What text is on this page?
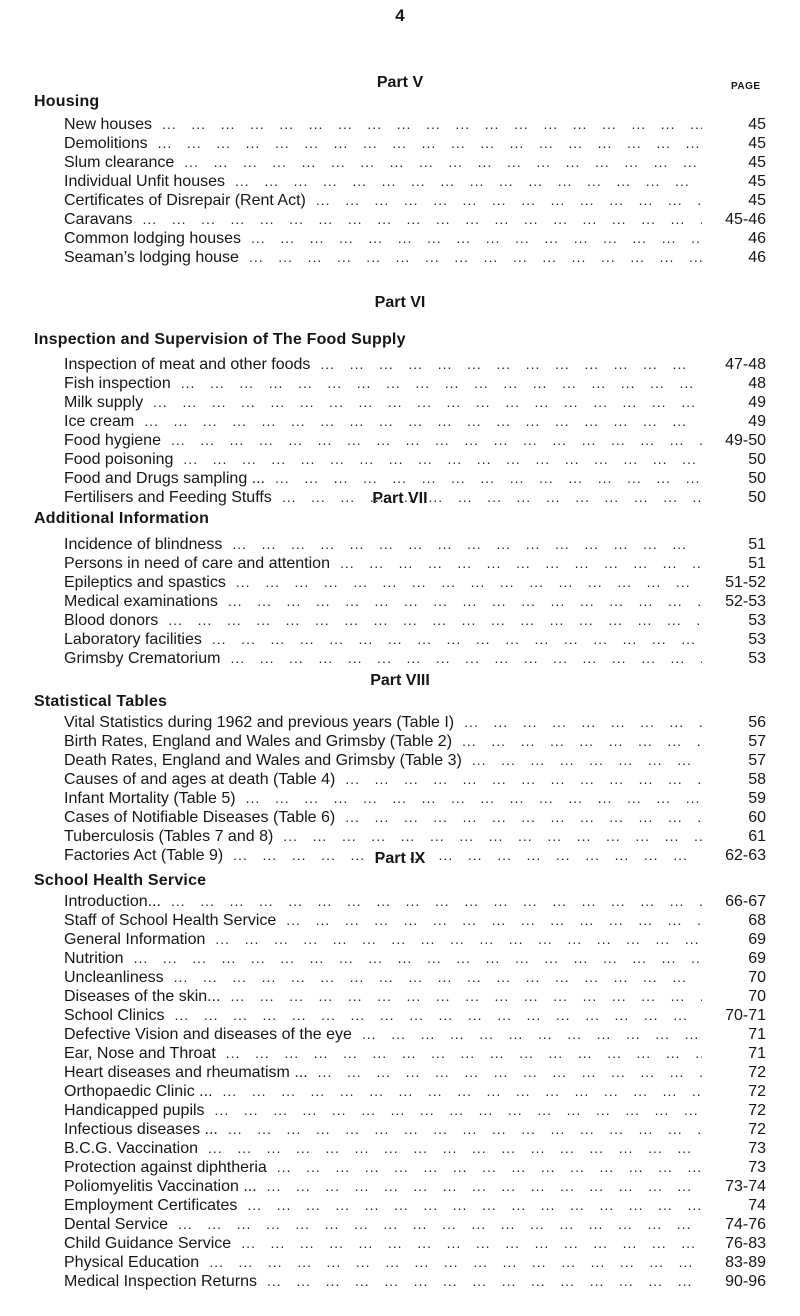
4
Part V	PAGE
Housing
New houses ...	45
Demolitions ...	45
Slum clearance ...	45
Individual Unfit houses ...	45
Certificates of Disrepair (Rent Act) ...	45
Caravans ...	45-46
Common lodging houses ...	46
Seaman’s lodging house ...	46
Part VI
Inspection and Supervision of The Food Supply
Inspection of meat and other foods ...	47-48
Fish inspection ...	48
Milk supply ...	49
Ice cream ...	49
Food hygiene ...	49-50
Food poisoning ...	50
Food and Drugs sampling ... ...	50
Fertilisers and Feeding Stuffs ...	50
Part VII
Additional Information
Incidence of blindness ...	51
Persons in need of care and attention ...	51
Epileptics and spastics ...	51-52
Medical examinations ...	52-53
Blood donors ...	53
Laboratory facilities ...	53
Grimsby Crematorium ...	53
Part VIII
Statistical Tables
Vital Statistics during 1962 and previous years (Table I) ...	56
Birth Rates, England and Wales and Grimsby (Table 2) ...	57
Death Rates, England and Wales and Grimsby (Table 3) ...	57
Causes of and ages at death (Table 4) ...	58
Infant Mortality (Table 5) ...	59
Cases of Notifiable Diseases (Table 6) ...	60
Tuberculosis (Tables 7 and 8) ...	61
Factories Act (Table 9) ...	62-63
Part IX
School Health Service
Introduction... ...	66-67
Staff of School Health Service ...	68
General Information ...	69
Nutrition ...	69
Uncleanliness ...	70
Diseases of the skin... ...	70
School Clinics ...	70-71
Defective Vision and diseases of the eye ...	71
Ear, Nose and Throat ...	71
Heart diseases and rheumatism ... ...	72
Orthopaedic Clinic ... ...	72
Handicapped pupils ...	72
Infectious diseases ... ...	72
B.C.G. Vaccination ...	73
Protection against diphtheria ...	73
Poliomyelitis Vaccination ... ...	73-74
Employment Certificates ...	74
Dental Service ...	74-76
Child Guidance Service ...	76-83
Physical Education ...	83-89
Medical Inspection Returns ...	90-96
